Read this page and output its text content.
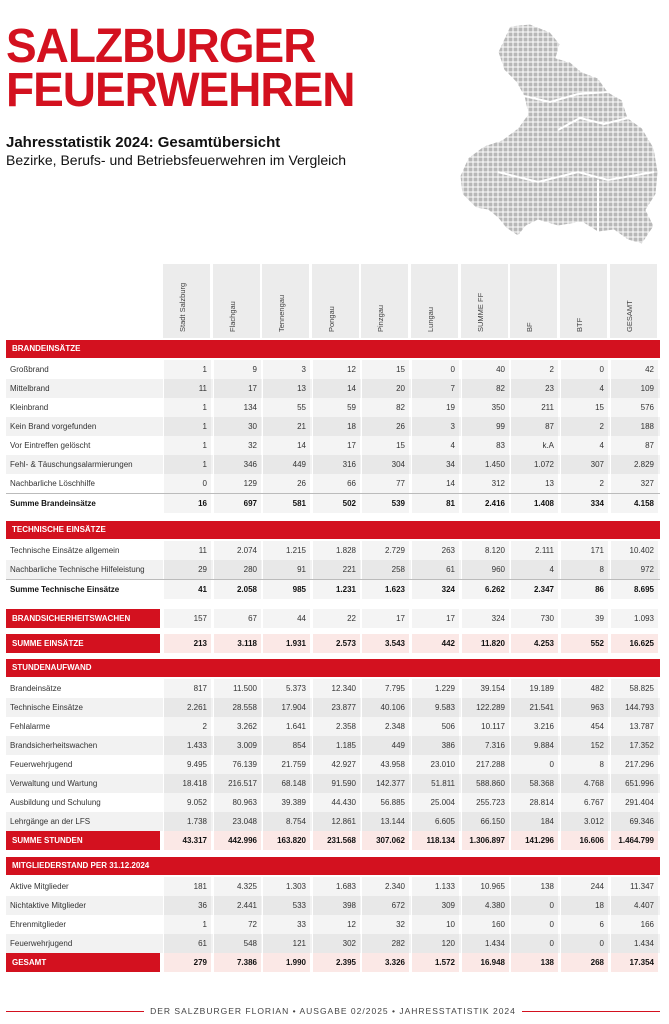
SALZBURGER
FEUERWEHREN
Jahresstatistik 2024: Gesamtübersicht
Bezirke, Berufs- und Betriebsfeuerwehren im Vergleich
Stadt Salzburg	Flachgau	Tennengau	Pongau	Pinzgau	Lungau	SUMME FF	BF	BTF	GESAMT
BRANDEINSÄTZE
Großbrand	1	9	3	12	15	0	40	2	0	42
Mittelbrand	11	17	13	14	20	7	82	23	4	109
Kleinbrand	1	134	55	59	82	19	350	211	15	576
Kein Brand vorgefunden	1	30	21	18	26	3	99	87	2	188
Vor Eintreffen gelöscht	1	32	14	17	15	4	83	k.A	4	87
Fehl- & Täuschungsalarmierungen	1	346	449	316	304	34	1.450	1.072	307	2.829
Nachbarliche Löschhilfe	0	129	26	66	77	14	312	13	2	327
Summe Brandeinsätze	16	697	581	502	539	81	2.416	1.408	334	4.158
TECHNISCHE EINSÄTZE
Technische Einsätze allgemein	11	2.074	1.215	1.828	2.729	263	8.120	2.111	171	10.402
Nachbarliche Technische Hilfeleistung	29	280	91	221	258	61	960	4	8	972
Summe Technische Einsätze	41	2.058	985	1.231	1.623	324	6.262	2.347	86	8.695
BRANDSICHERHEITSWACHEN	157	67	44	22	17	17	324	730	39	1.093
SUMME EINSÄTZE	213	3.118	1.931	2.573	3.543	442	11.820	4.253	552	16.625
STUNDENAUFWAND
Brandeinsätze	817	11.500	5.373	12.340	7.795	1.229	39.154	19.189	482	58.825
Technische Einsätze	2.261	28.558	17.904	23.877	40.106	9.583	122.289	21.541	963	144.793
Fehlalarme	2	3.262	1.641	2.358	2.348	506	10.117	3.216	454	13.787
Brandsicherheitswachen	1.433	3.009	854	1.185	449	386	7.316	9.884	152	17.352
Feuerwehrjugend	9.495	76.139	21.759	42.927	43.958	23.010	217.288	0	8	217.296
Verwaltung und Wartung	18.418	216.517	68.148	91.590	142.377	51.811	588.860	58.368	4.768	651.996
Ausbildung und Schulung	9.052	80.963	39.389	44.430	56.885	25.004	255.723	28.814	6.767	291.404
Lehrgänge an der LFS	1.738	23.048	8.754	12.861	13.144	6.605	66.150	184	3.012	69.346
SUMME STUNDEN	43.317	442.996	163.820	231.568	307.062	118.134	1.306.897	141.296	16.606	1.464.799
MITGLIEDERSTAND PER 31.12.2024
Aktive Mitglieder	181	4.325	1.303	1.683	2.340	1.133	10.965	138	244	11.347
Nichtaktive Mitglieder	36	2.441	533	398	672	309	4.380	0	18	4.407
Ehrenmitglieder	1	72	33	12	32	10	160	0	6	166
Feuerwehrjugend	61	548	121	302	282	120	1.434	0	0	1.434
GESAMT	279	7.386	1.990	2.395	3.326	1.572	16.948	138	268	17.354
DER SALZBURGER FLORIAN • AUSGABE 02/2025 • JAHRESSTATISTIK 2024
